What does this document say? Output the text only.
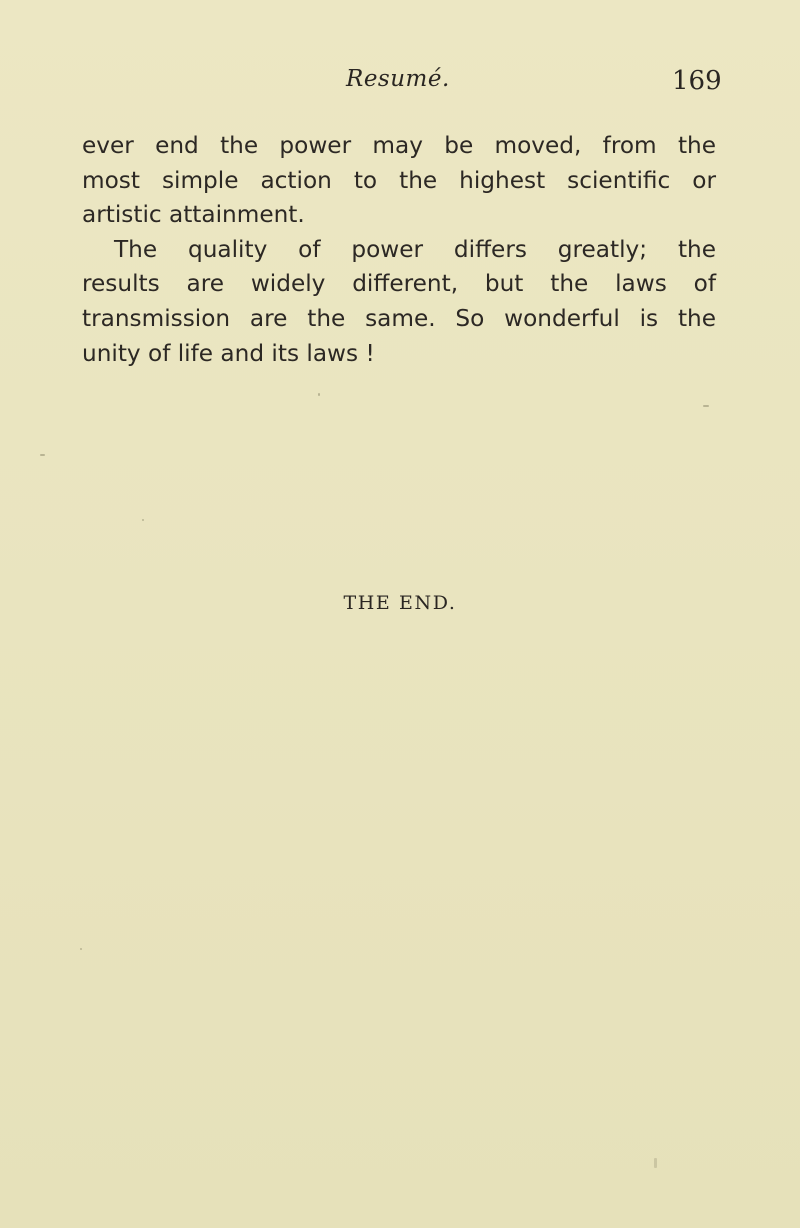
Resumé.	169
ever end the power may be moved, from the
most simple action to the highest scientific or
artistic attainment.
The quality of power differs greatly; the
results are widely different, but the laws of
transmission are the same. So wonderful is the
unity of life and its laws !
THE END.
